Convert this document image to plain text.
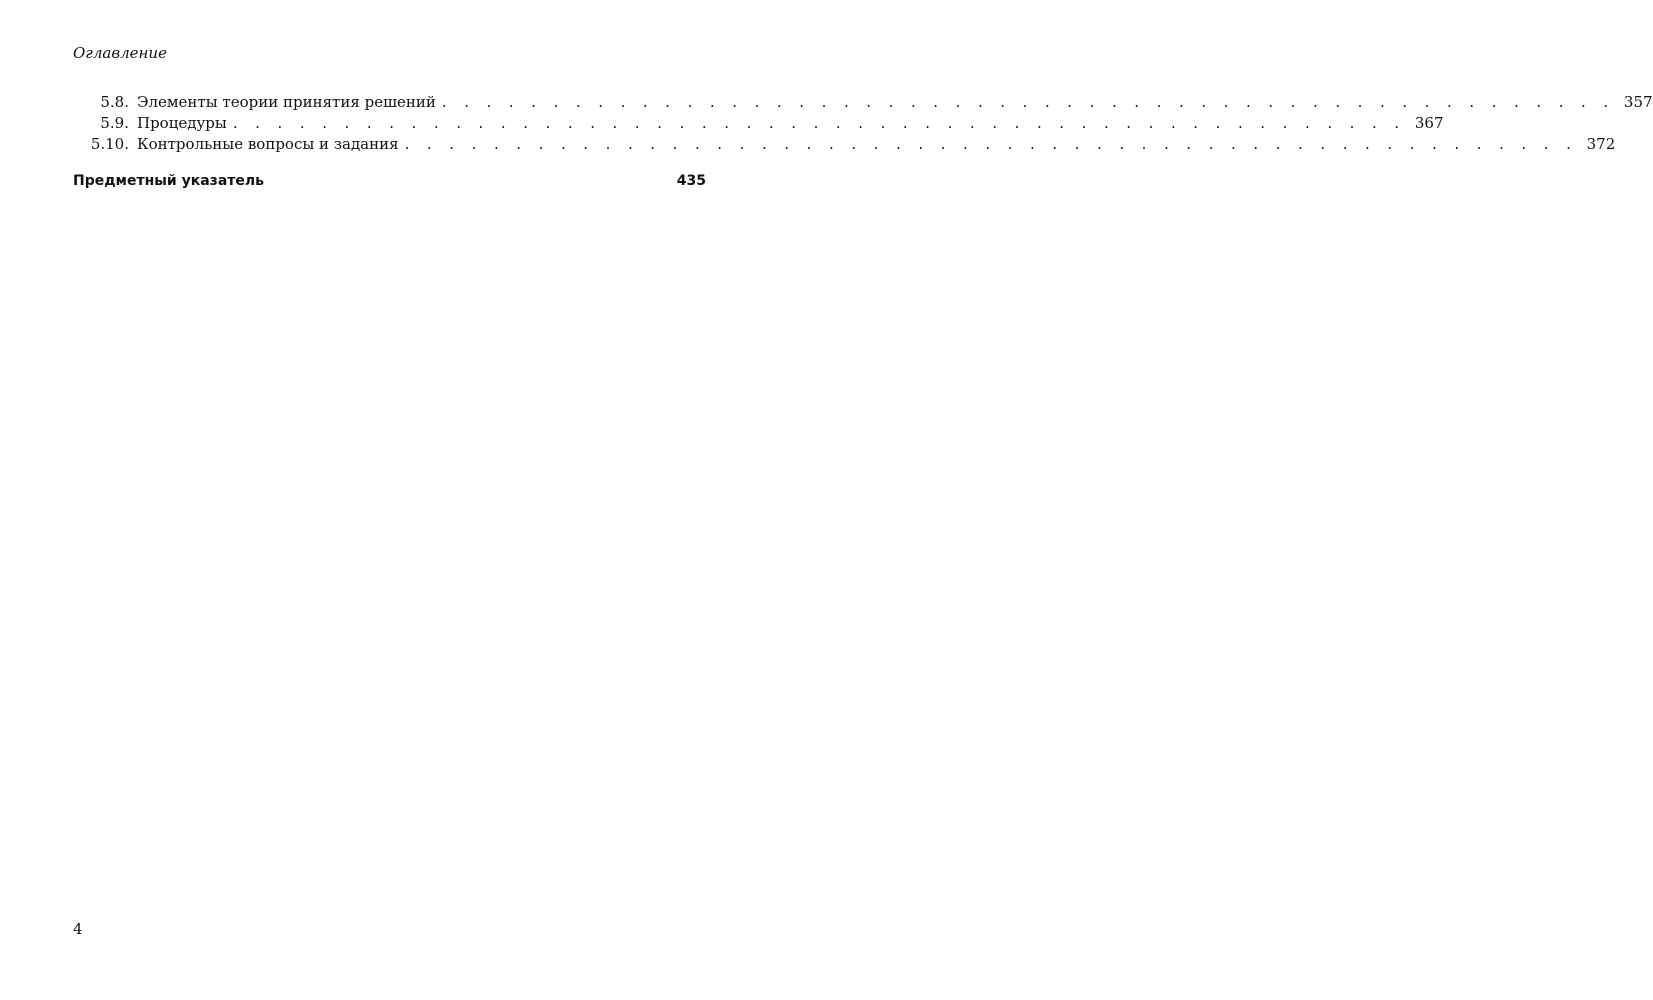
Оглавление
5.8. Элементы теории принятия решений . . . . . . . . . . . . . . . . . . . . . . . . . . . . . . . . . . . . . . . . . . . . . . . . . . . . . 357
5.9. Процедуры . . . . . . . . . . . . . . . . . . . . . . . . . . . . . . . . . . . . . . . . . . . . . . . . . . . . . 367
5.10. Контрольные вопросы и задания . . . . . . . . . . . . . . . . . . . . . . . . . . . . . . . . . . . . . . . . . . . . . . . . . . . . . 372
Предметный указатель	435
4
